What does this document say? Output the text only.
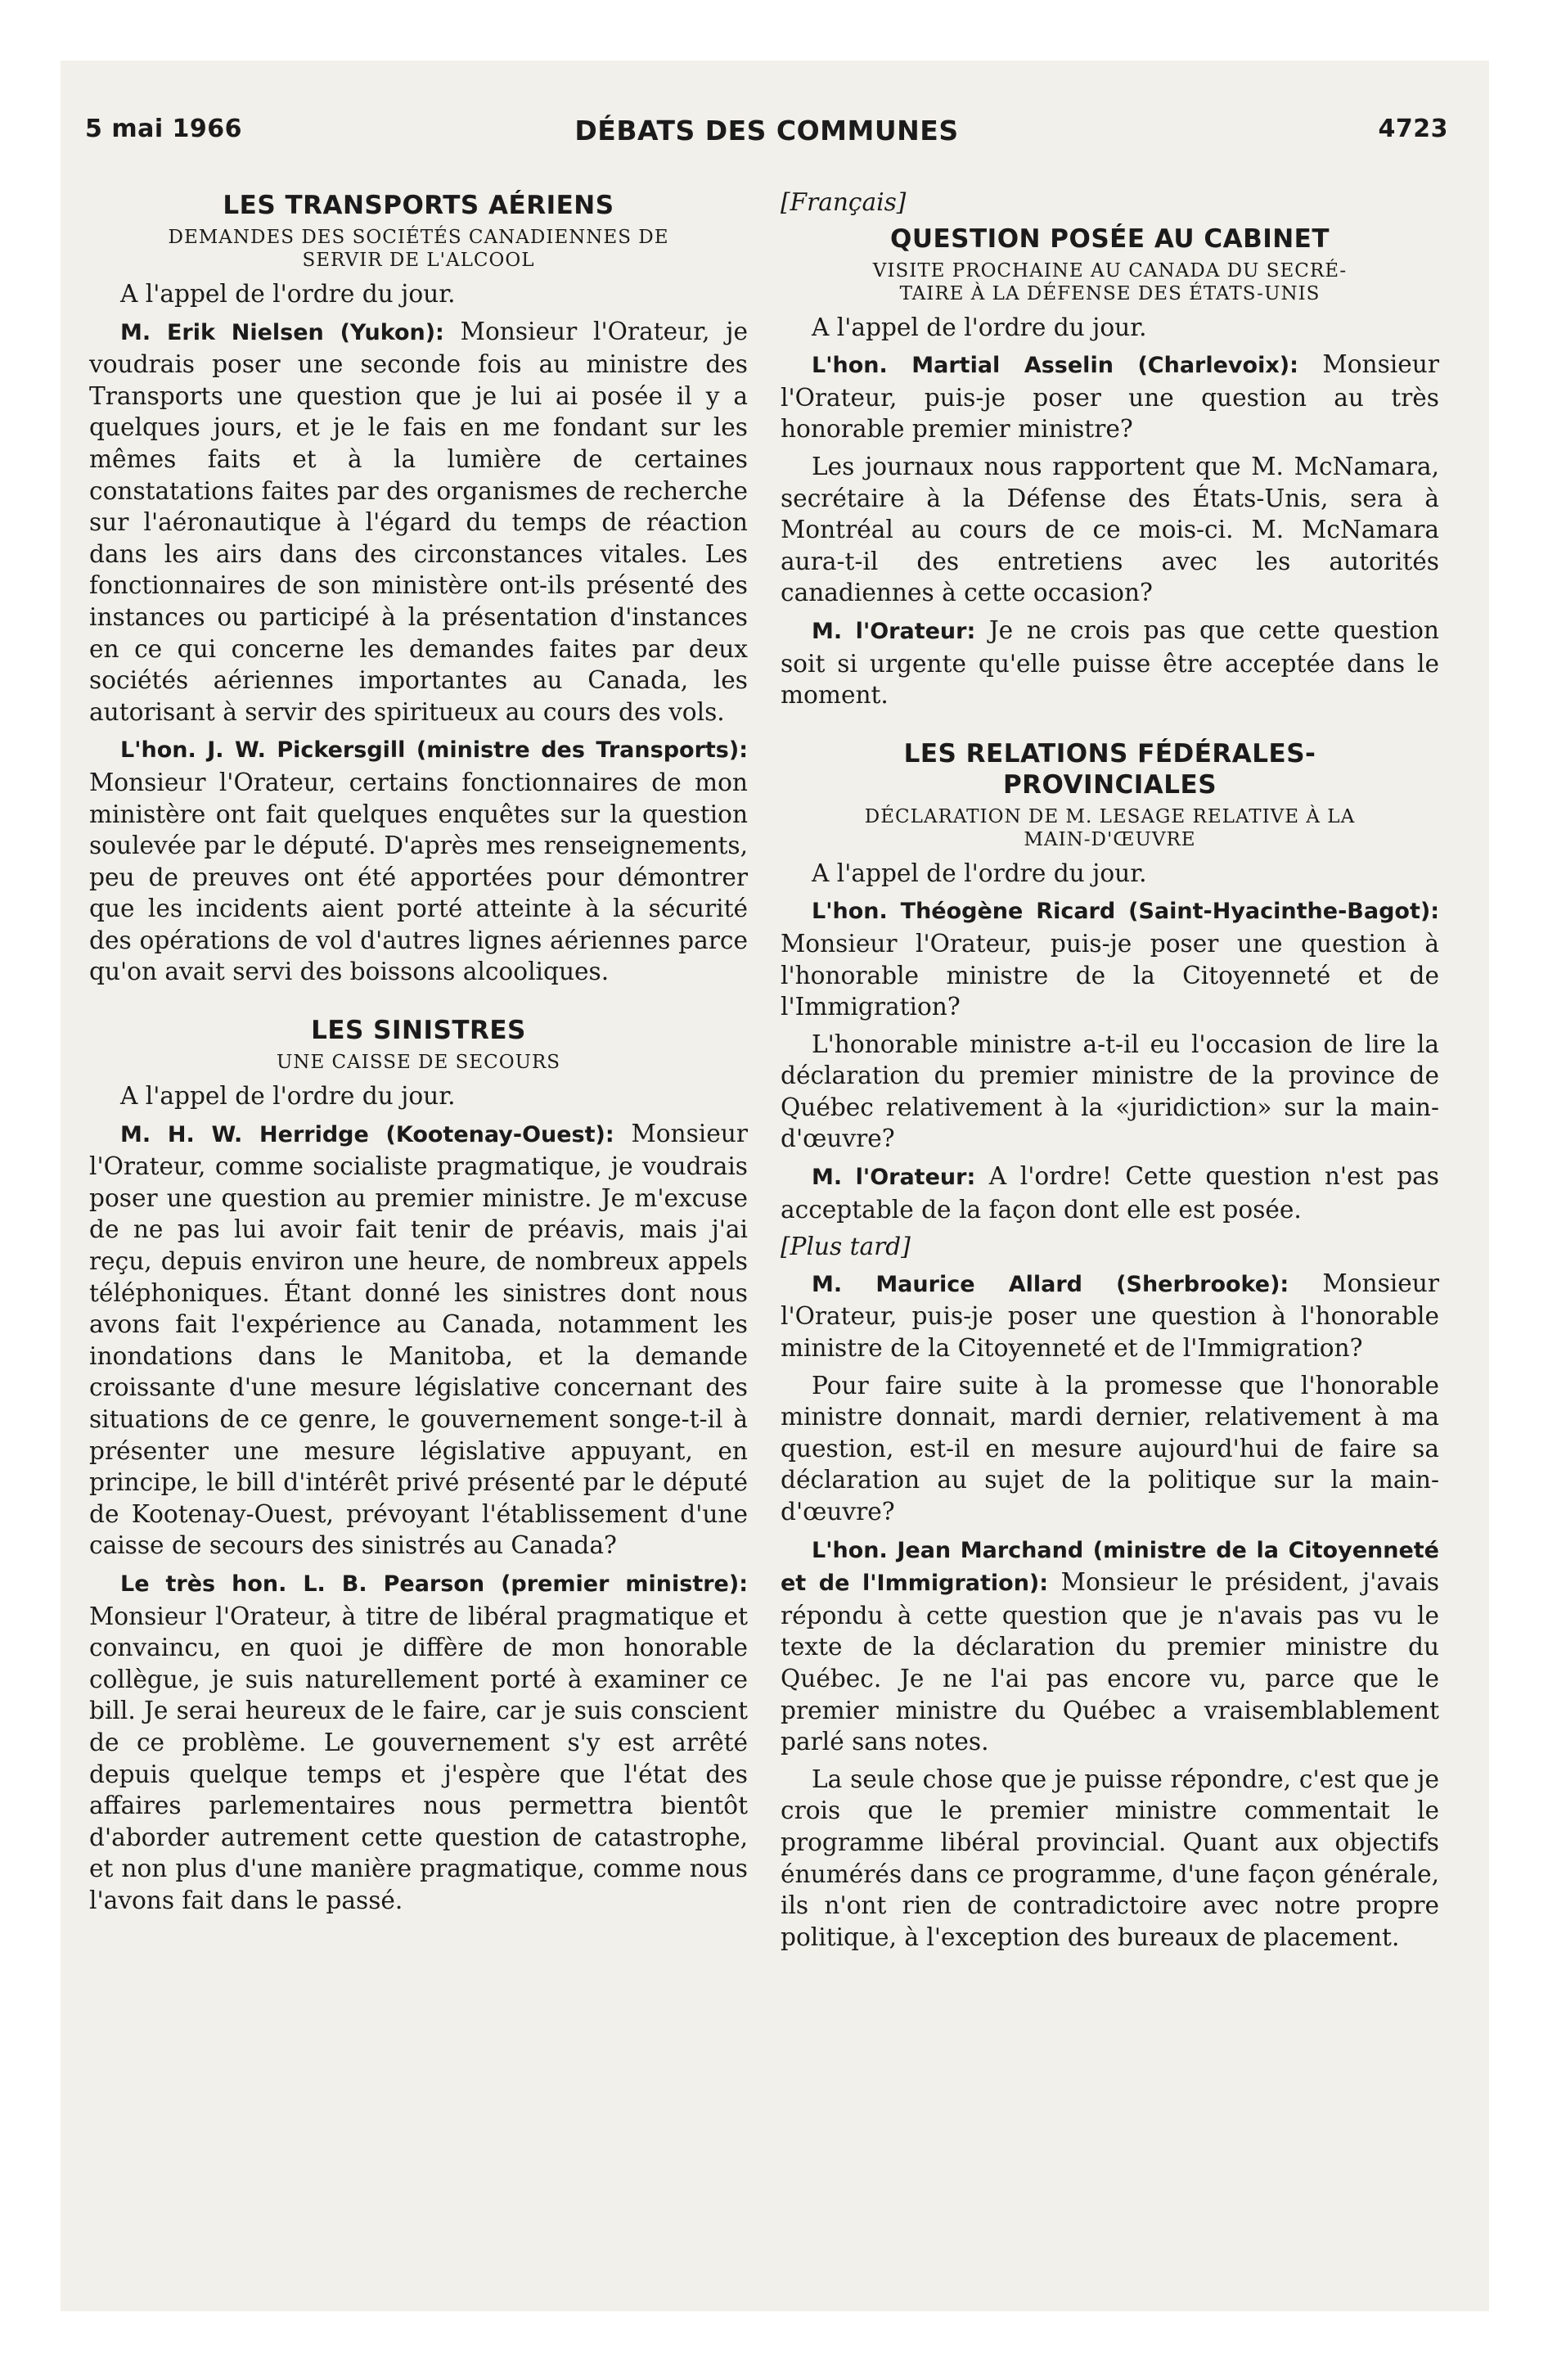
5 mai 1966	DÉBATS DES COMMUNES	4723
LES TRANSPORTS AÉRIENS
DEMANDES DES SOCIÉTÉS CANADIENNES DE
SERVIR DE L'ALCOOL

A l'appel de l'ordre du jour.

M. Erik Nielsen (Yukon): Monsieur l'Orateur, je voudrais poser une seconde fois au ministre des Transports une question que je lui ai posée il y a quelques jours, et je le fais en me fondant sur les mêmes faits et à la lumière de certaines constatations faites par des organismes de recherche sur l'aéronautique à l'égard du temps de réaction dans les airs dans des circonstances vitales. Les fonctionnaires de son ministère ont-ils présenté des instances ou participé à la présentation d'instances en ce qui concerne les demandes faites par deux sociétés aériennes importantes au Canada, les autorisant à servir des spiritueux au cours des vols.

L'hon. J. W. Pickersgill (ministre des Transports): Monsieur l'Orateur, certains fonctionnaires de mon ministère ont fait quelques enquêtes sur la question soulevée par le député. D'après mes renseignements, peu de preuves ont été apportées pour démontrer que les incidents aient porté atteinte à la sécurité des opérations de vol d'autres lignes aériennes parce qu'on avait servi des boissons alcooliques.

LES SINISTRES
UNE CAISSE DE SECOURS

A l'appel de l'ordre du jour.

M. H. W. Herridge (Kootenay-Ouest): Monsieur l'Orateur, comme socialiste pragmatique, je voudrais poser une question au premier ministre. Je m'excuse de ne pas lui avoir fait tenir de préavis, mais j'ai reçu, depuis environ une heure, de nombreux appels téléphoniques. Étant donné les sinistres dont nous avons fait l'expérience au Canada, notamment les inondations dans le Manitoba, et la demande croissante d'une mesure législative concernant des situations de ce genre, le gouvernement songe-t-il à présenter une mesure législative appuyant, en principe, le bill d'intérêt privé présenté par le député de Kootenay-Ouest, prévoyant l'établissement d'une caisse de secours des sinistrés au Canada?

Le très hon. L. B. Pearson (premier ministre): Monsieur l'Orateur, à titre de libéral pragmatique et convaincu, en quoi je diffère de mon honorable collègue, je suis naturellement porté à examiner ce bill. Je serai heureux de le faire, car je suis conscient de ce problème. Le gouvernement s'y est arrêté depuis quelque temps et j'espère que l'état des affaires parlementaires nous permettra bientôt d'aborder autrement cette question de catastrophe, et non plus d'une manière pragmatique, comme nous l'avons fait dans le passé.

[Français]
QUESTION POSÉE AU CABINET
VISITE PROCHAINE AU CANADA DU SECRÉ-
TAIRE À LA DÉFENSE DES ÉTATS-UNIS

A l'appel de l'ordre du jour.

L'hon. Martial Asselin (Charlevoix): Monsieur l'Orateur, puis-je poser une question au très honorable premier ministre?

Les journaux nous rapportent que M. McNamara, secrétaire à la Défense des États-Unis, sera à Montréal au cours de ce mois-ci. M. McNamara aura-t-il des entretiens avec les autorités canadiennes à cette occasion?

M. l'Orateur: Je ne crois pas que cette question soit si urgente qu'elle puisse être acceptée dans le moment.

LES RELATIONS FÉDÉRALES-
PROVINCIALES
DÉCLARATION DE M. LESAGE RELATIVE À LA
MAIN-D'ŒUVRE

A l'appel de l'ordre du jour.

L'hon. Théogène Ricard (Saint-Hyacinthe-Bagot): Monsieur l'Orateur, puis-je poser une question à l'honorable ministre de la Citoyenneté et de l'Immigration?

L'honorable ministre a-t-il eu l'occasion de lire la déclaration du premier ministre de la province de Québec relativement à la «juridiction» sur la main-d'œuvre?

M. l'Orateur: A l'ordre! Cette question n'est pas acceptable de la façon dont elle est posée.

[Plus tard]

M. Maurice Allard (Sherbrooke): Monsieur l'Orateur, puis-je poser une question à l'honorable ministre de la Citoyenneté et de l'Immigration?

Pour faire suite à la promesse que l'honorable ministre donnait, mardi dernier, relativement à ma question, est-il en mesure aujourd'hui de faire sa déclaration au sujet de la politique sur la main-d'œuvre?

L'hon. Jean Marchand (ministre de la Citoyenneté et de l'Immigration): Monsieur le président, j'avais répondu à cette question que je n'avais pas vu le texte de la déclaration du premier ministre du Québec. Je ne l'ai pas encore vu, parce que le premier ministre du Québec a vraisemblablement parlé sans notes.

La seule chose que je puisse répondre, c'est que je crois que le premier ministre commentait le programme libéral provincial. Quant aux objectifs énumérés dans ce programme, d'une façon générale, ils n'ont rien de contradictoire avec notre propre politique, à l'exception des bureaux de placement.
